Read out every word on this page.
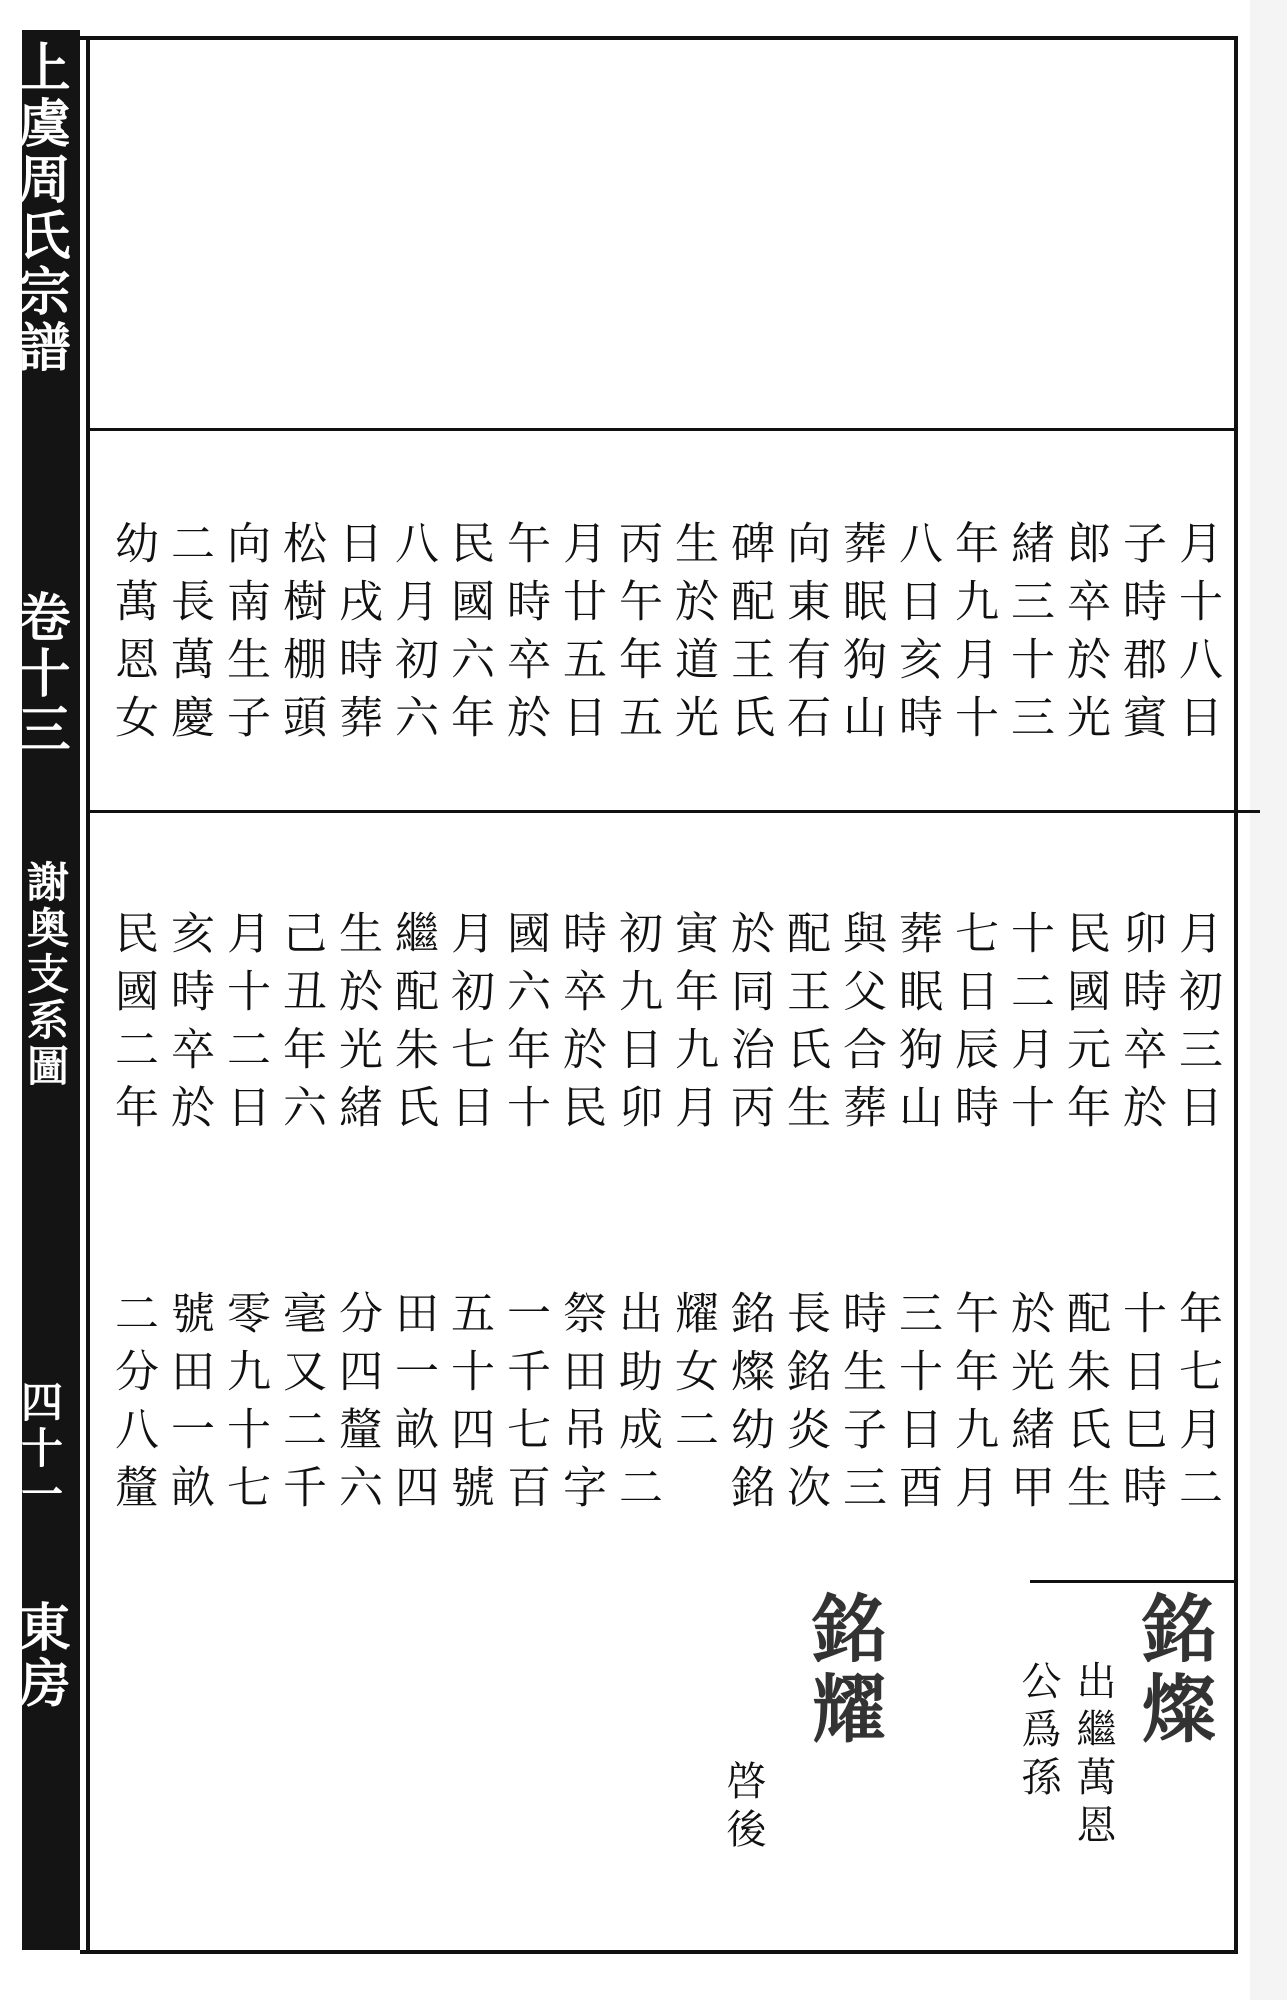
上虞周氏宗譜
卷十三
謝奥支系圖
四十一
東房
月十八日
子時郡賓
郎卒於光
緒三十三
年九月十
八日亥時
葬眠狗山
向東有石
碑配王氏
生於道光
丙午年五
月廿五日
午時卒於
民國六年
八月初六
日戌時葬
松樹棚頭
向南生子
二長萬慶
幼萬恩女
月初三日
卯時卒於
民國元年
十二月十
七日辰時
葬眠狗山
與父合葬
配王氏生
於同治丙
寅年九月
初九日卯
時卒於民
國六年十
月初七日
繼配朱氏
生於光緒
己丑年六
月十二日
亥時卒於
民國二年
年七月二
十日巳時
配朱氏生
於光緒甲
午年九月
三十日酉
時生子三
長銘炎次
銘燦幼銘
耀女二
出助成二
祭田吊字
一千七百
五十四號
田一畝四
分四釐六
毫又二千
零九十七
號田一畝
二分八釐
銘燦
出繼萬恩
公爲孫
銘耀
啓後
